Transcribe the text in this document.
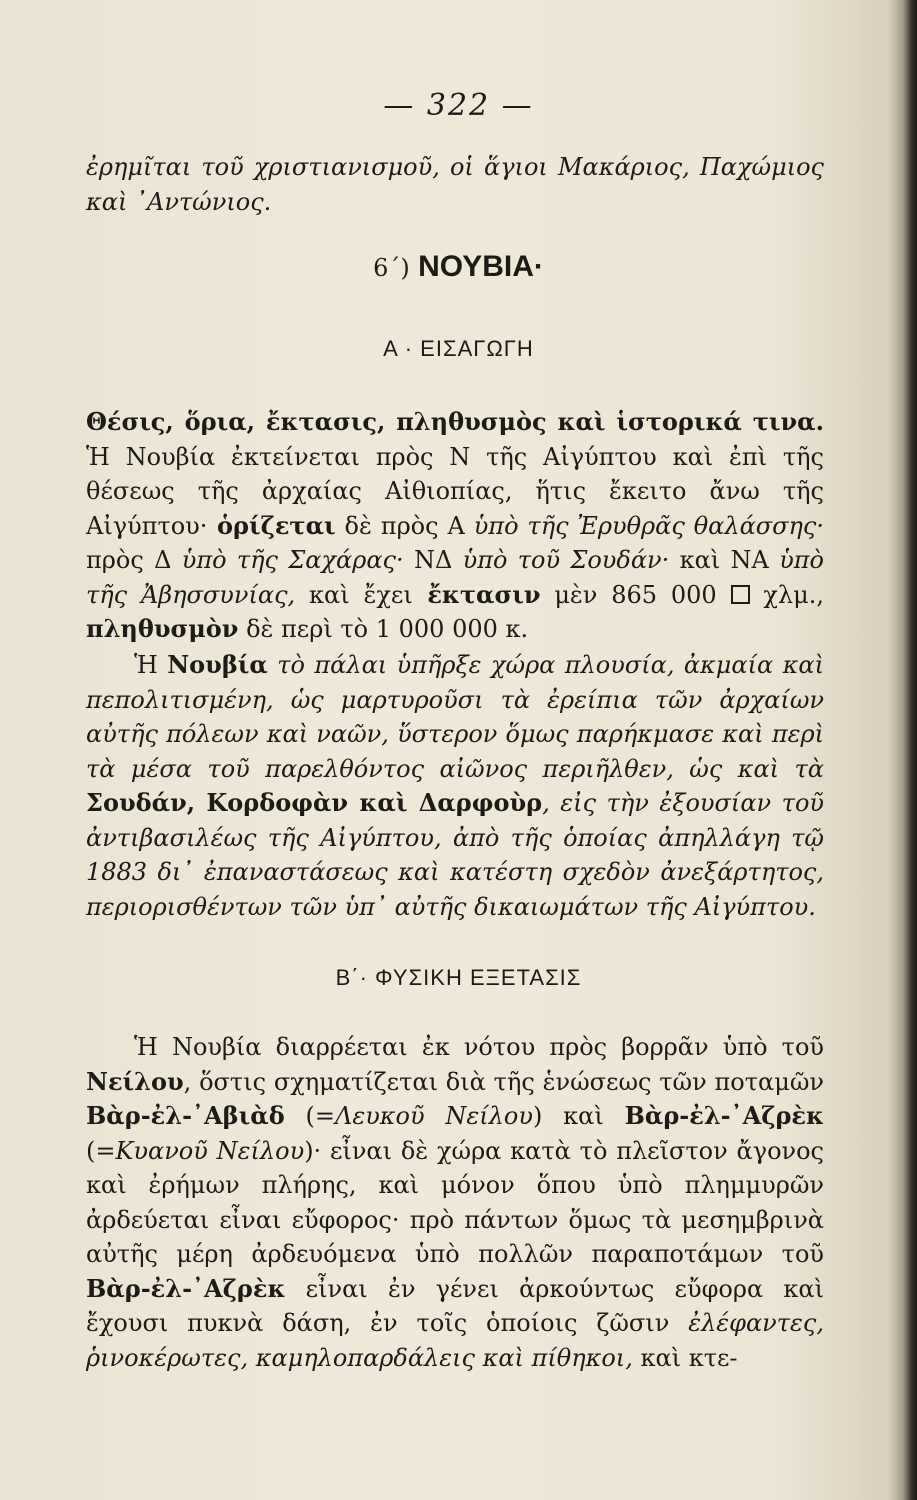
— 322 —
ἐρημῖται τοῦ χριστιανισμοῦ, οἱ ἅγιοι Μακάριος, Παχώμιος καὶ ᾿Αντώνιος.
6΄) ΝΟΥΒΙΑ·
Α · ΕΙΣΑΓΩΓΗ
Θέσις, ὅρια, ἔκτασις, πληθυσμὸς καὶ ἱστορικά τινα. Ἡ Νουβία ἐκτείνεται πρὸς Ν τῆς Αἰγύπτου καὶ ἐπὶ τῆς θέσεως τῆς ἀρχαίας Αἰθιοπίας, ἥτις ἔκειτο ἄνω τῆς Αἰγύπτου· ὁρίζεται δὲ πρὸς Α ὑπὸ τῆς Ἐρυθρᾶς θαλάσσης· πρὸς Δ ὑπὸ τῆς Σαχάρας· ΝΔ ὑπὸ τοῦ Σουδάν· καὶ ΝΑ ὑπὸ τῆς Ἀβησσυνίας, καὶ ἔχει ἔκτασιν μὲν 865 000  χλμ., πληθυσμὸν δὲ περὶ τὸ 1 000 000 κ.
Ἡ Νουβία τὸ πάλαι ὑπῆρξε χώρα πλουσία, ἀκμαία καὶ πεπολιτισμένη, ὡς μαρτυροῦσι τὰ ἐρείπια τῶν ἀρχαίων αὐτῆς πόλεων καὶ ναῶν, ὕστερον ὅμως παρήκμασε καὶ περὶ τὰ μέσα τοῦ παρελθόντος αἰῶνος περιῆλθεν, ὡς καὶ τὰ Σουδάν, Κορδοφὰν καὶ Δαρφοὺρ, εἰς τὴν ἐξουσίαν τοῦ ἀντιβασιλέως τῆς Αἰγύπτου, ἀπὸ τῆς ὁποίας ἀπηλλάγη τῷ 1883 δι᾽ ἐπαναστάσεως καὶ κατέστη σχεδὸν ἀνεξάρτητος, περιορισθέντων τῶν ὑπ᾽ αὐτῆς δικαιωμάτων τῆς Αἰγύπτου.
Β΄· ΦΥΣΙΚΗ ΕΞΕΤΑΣΙΣ
Ἡ Νουβία διαρρέεται ἐκ νότου πρὸς βορρᾶν ὑπὸ τοῦ Νείλου, ὅστις σχηματίζεται διὰ τῆς ἑνώσεως τῶν ποταμῶν Βὰρ-ἐλ-᾿Αβιὰδ (=Λευκοῦ Νείλου) καὶ Βὰρ-ἐλ-᾿Αζρὲκ (=Κυανοῦ Νείλου)· εἶναι δὲ χώρα κατὰ τὸ πλεῖστον ἄγονος καὶ ἐρήμων πλήρης, καὶ μόνον ὅπου ὑπὸ πλημμυρῶν ἀρδεύεται εἶναι εὔφορος· πρὸ πάντων ὅμως τὰ μεσημβρινὰ αὐτῆς μέρη ἀρδευόμενα ὑπὸ πολλῶν παραποτάμων τοῦ Βὰρ-ἐλ-᾿Αζρὲκ εἶναι ἐν γένει ἀρκούντως εὔφορα καὶ ἔχουσι πυκνὰ δάση, ἐν τοῖς ὁποίοις ζῶσιν ἐλέφαντες, ῥινοκέρωτες, καμηλοπαρδάλεις καὶ πίθηκοι, καὶ κτε-
